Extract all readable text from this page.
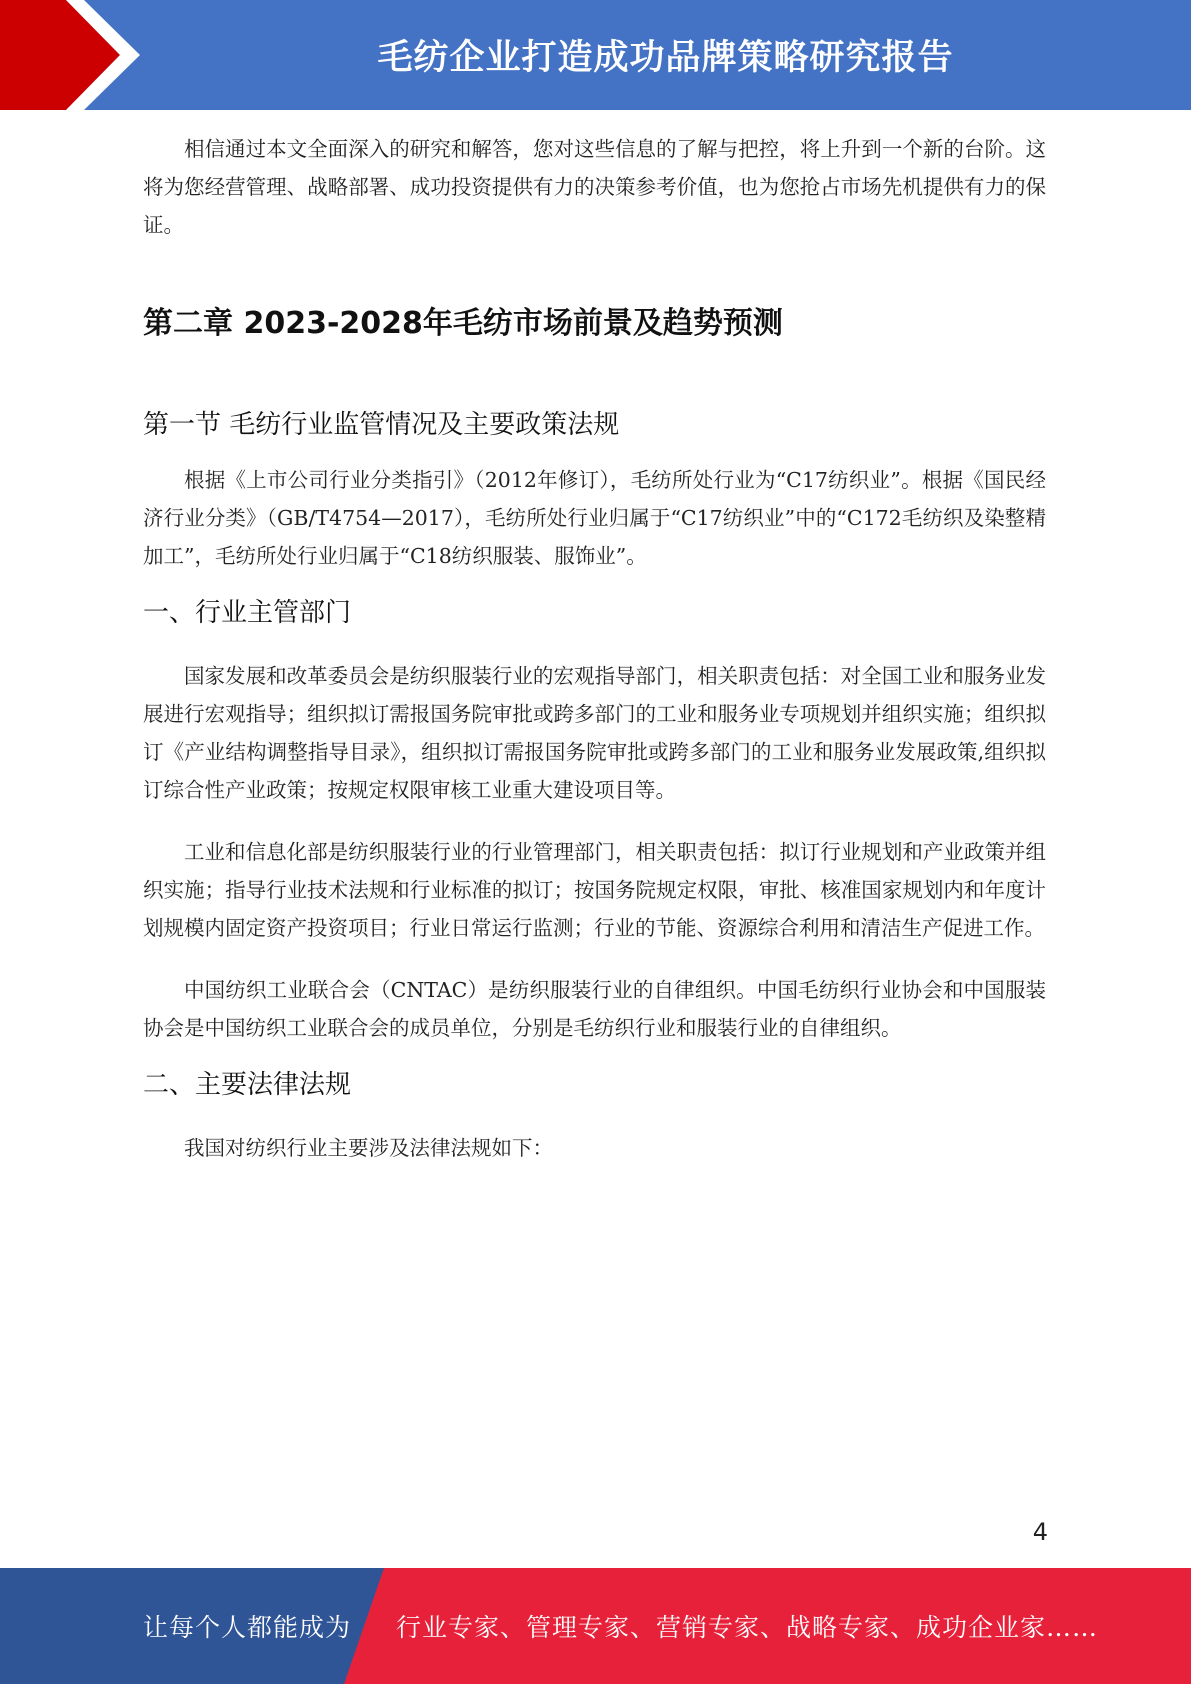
毛纺企业打造成功品牌策略研究报告

相信通过本文全面深入的研究和解答，您对这些信息的了解与把控，将上升到一个新的台阶。这将为您经营管理、战略部署、成功投资提供有力的决策参考价值，也为您抢占市场先机提供有力的保证。

第二章 2023-2028年毛纺市场前景及趋势预测
第一节 毛纺行业监管情况及主要政策法规

根据《上市公司行业分类指引》（2012年修订），毛纺所处行业为“C17纺织业”。根据《国民经济行业分类》（GB/T4754—2017），毛纺所处行业归属于“C17纺织业”中的“C172毛纺织及染整精加工”，毛纺所处行业归属于“C18纺织服装、服饰业”。

一、行业主管部门

国家发展和改革委员会是纺织服装行业的宏观指导部门，相关职责包括：对全国工业和服务业发展进行宏观指导；组织拟订需报国务院审批或跨多部门的工业和服务业专项规划并组织实施；组织拟订《产业结构调整指导目录》，组织拟订需报国务院审批或跨多部门的工业和服务业发展政策,组织拟订综合性产业政策；按规定权限审核工业重大建设项目等。

工业和信息化部是纺织服装行业的行业管理部门，相关职责包括：拟订行业规划和产业政策并组织实施；指导行业技术法规和行业标准的拟订；按国务院规定权限，审批、核准国家规划内和年度计划规模内固定资产投资项目；行业日常运行监测；行业的节能、资源综合利用和清洁生产促进工作。

中国纺织工业联合会（CNTAC）是纺织服装行业的自律组织。中国毛纺织行业协会和中国服装协会是中国纺织工业联合会的成员单位，分别是毛纺织行业和服装行业的自律组织。

二、主要法律法规

我国对纺织行业主要涉及法律法规如下：

4
让每个人都能成为 行业专家、管理专家、营销专家、战略专家、成功企业家……
